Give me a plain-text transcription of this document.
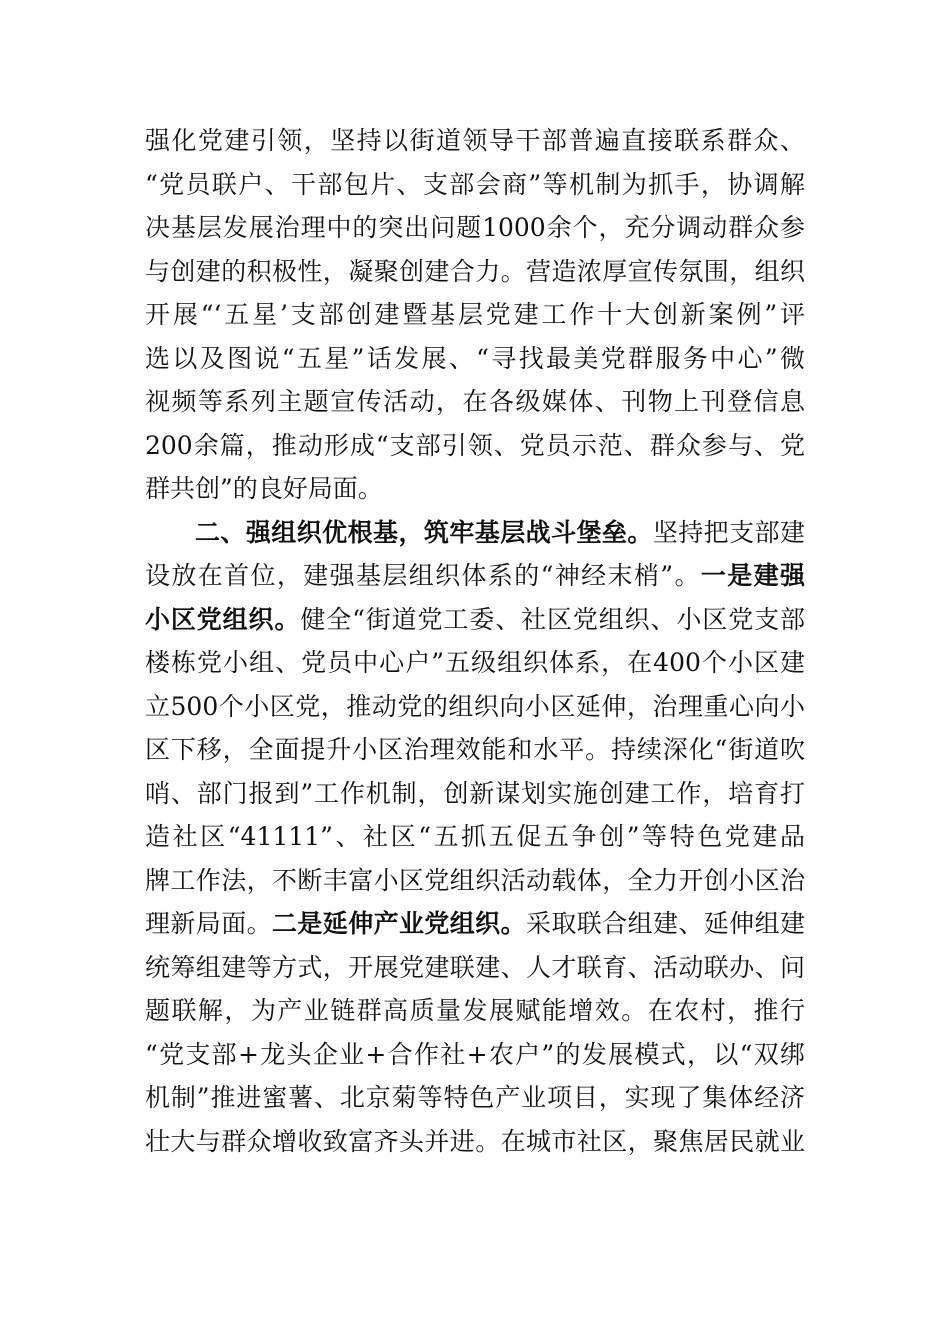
强化党建引领，坚持以街道领导干部普遍直接联系群众、
“党员联户、干部包片、支部会商”等机制为抓手，协调解
决基层发展治理中的突出问题1000余个，充分调动群众参
与创建的积极性，凝聚创建合力。营造浓厚宣传氛围，组织
开展“‘五星’支部创建暨基层党建工作十大创新案例”评
选以及图说“五星”话发展、“寻找最美党群服务中心”微
视频等系列主题宣传活动，在各级媒体、刊物上刊登信息
200余篇，推动形成“支部引领、党员示范、群众参与、党
群共创”的良好局面。
二、强组织优根基，筑牢基层战斗堡垒。坚持把支部建
设放在首位，建强基层组织体系的“神经末梢”。一是建强
小区党组织。健全“街道党工委、社区党组织、小区党支部
楼栋党小组、党员中心户”五级组织体系，在400个小区建
立500个小区党，推动党的组织向小区延伸，治理重心向小
区下移，全面提升小区治理效能和水平。持续深化“街道吹
哨、部门报到”工作机制，创新谋划实施创建工作，培育打
造社区“41111”、社区“五抓五促五争创”等特色党建品
牌工作法，不断丰富小区党组织活动载体，全力开创小区治
理新局面。二是延伸产业党组织。采取联合组建、延伸组建
统筹组建等方式，开展党建联建、人才联育、活动联办、问
题联解，为产业链群高质量发展赋能增效。在农村，推行
“党支部+龙头企业+合作社+农户”的发展模式，以“双绑
机制”推进蜜薯、北京菊等特色产业项目，实现了集体经济
壮大与群众增收致富齐头并进。在城市社区，聚焦居民就业
